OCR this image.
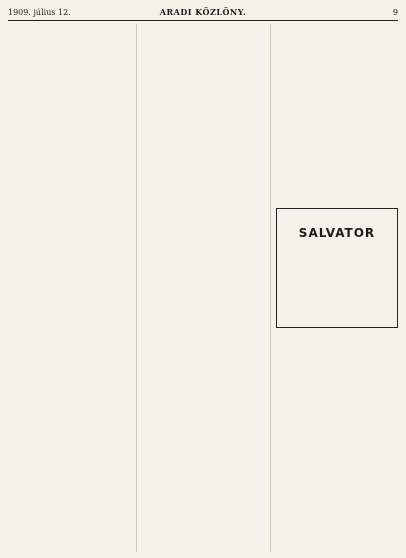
1909. július 12.	ARADI KÖZLÖNY.	9

SALVATOR
